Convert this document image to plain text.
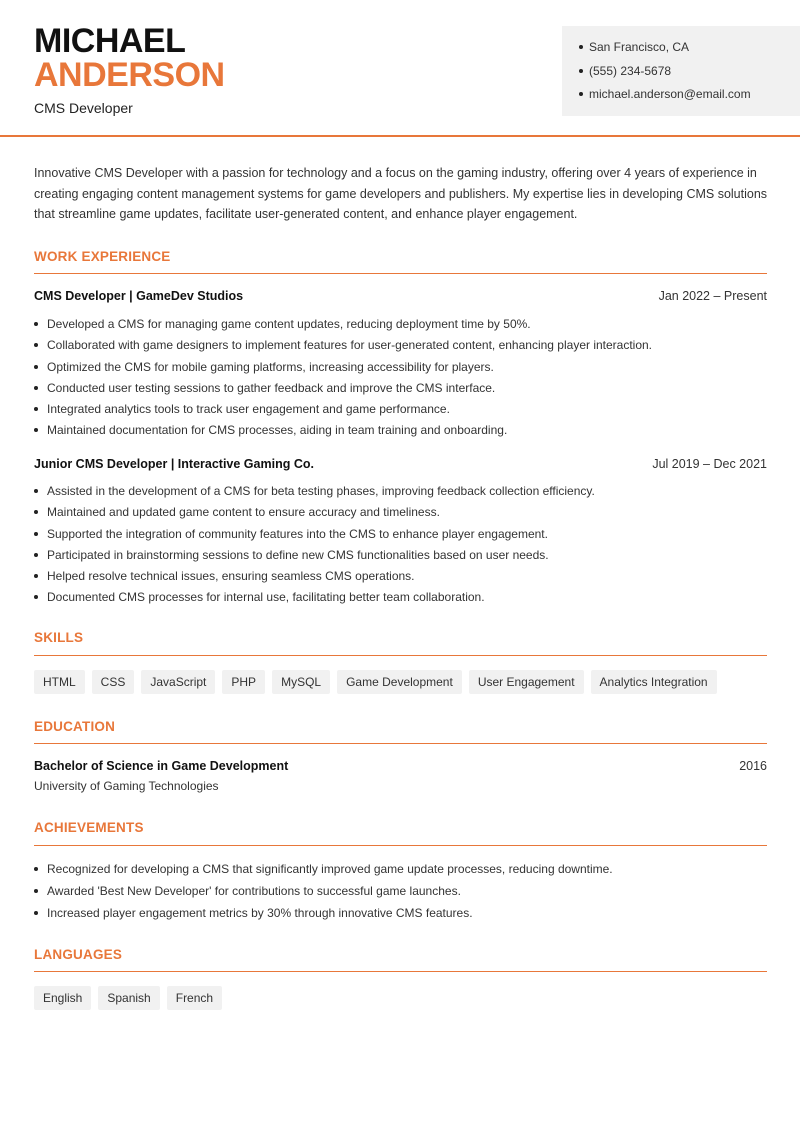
MICHAEL
ANDERSON
CMS Developer
San Francisco, CA
(555) 234-5678
michael.anderson@email.com
Innovative CMS Developer with a passion for technology and a focus on the gaming industry, offering over 4 years of experience in creating engaging content management systems for game developers and publishers. My expertise lies in developing CMS solutions that streamline game updates, facilitate user-generated content, and enhance player engagement.
WORK EXPERIENCE
CMS Developer | GameDev Studios	Jan 2022 – Present
Developed a CMS for managing game content updates, reducing deployment time by 50%.
Collaborated with game designers to implement features for user-generated content, enhancing player interaction.
Optimized the CMS for mobile gaming platforms, increasing accessibility for players.
Conducted user testing sessions to gather feedback and improve the CMS interface.
Integrated analytics tools to track user engagement and game performance.
Maintained documentation for CMS processes, aiding in team training and onboarding.
Junior CMS Developer | Interactive Gaming Co.	Jul 2019 – Dec 2021
Assisted in the development of a CMS for beta testing phases, improving feedback collection efficiency.
Maintained and updated game content to ensure accuracy and timeliness.
Supported the integration of community features into the CMS to enhance player engagement.
Participated in brainstorming sessions to define new CMS functionalities based on user needs.
Helped resolve technical issues, ensuring seamless CMS operations.
Documented CMS processes for internal use, facilitating better team collaboration.
SKILLS
HTML	CSS	JavaScript	PHP	MySQL	Game Development	User Engagement	Analytics Integration
EDUCATION
Bachelor of Science in Game Development	2016
University of Gaming Technologies
ACHIEVEMENTS
Recognized for developing a CMS that significantly improved game update processes, reducing downtime.
Awarded 'Best New Developer' for contributions to successful game launches.
Increased player engagement metrics by 30% through innovative CMS features.
LANGUAGES
English	Spanish	French
